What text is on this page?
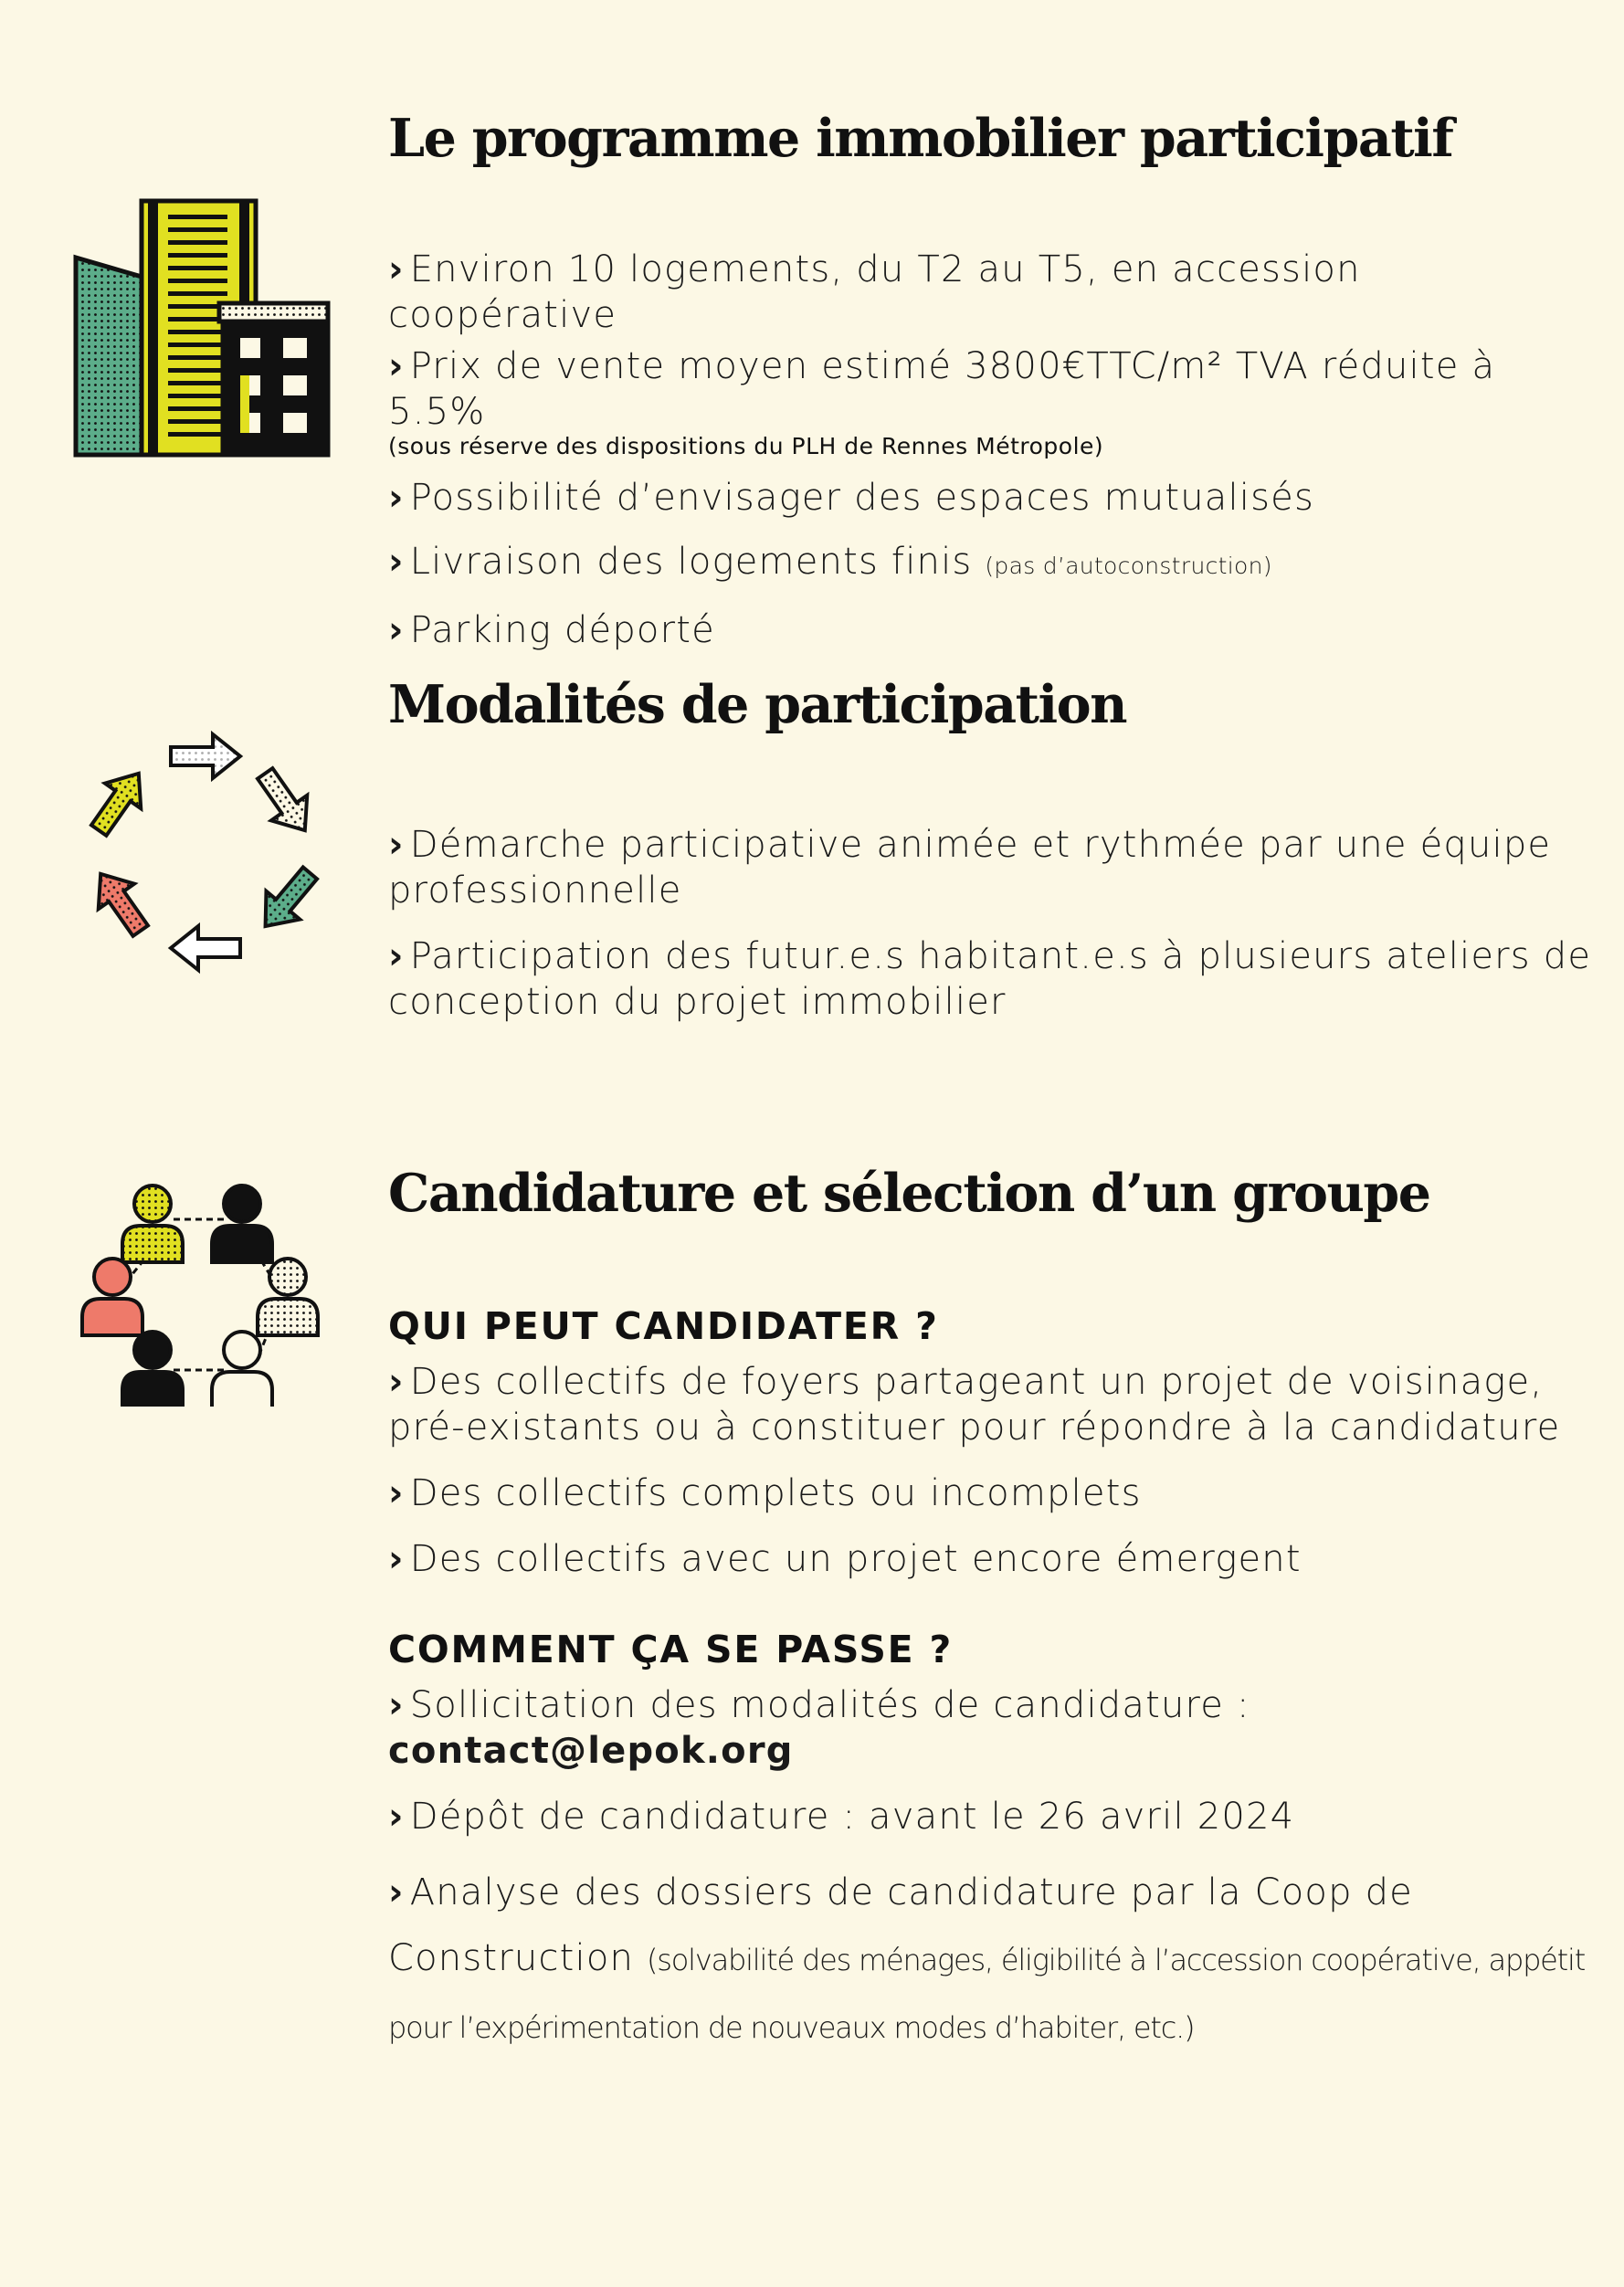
Le programme immobilier participatif

› Environ 10 logements, du T2 au T5, en accession coopérative

› Prix de vente moyen estimé 3800€TTC/m² TVA réduite à 5.5%

(sous réserve des dispositions du PLH de Rennes Métropole)

› Possibilité d’envisager des espaces mutualisés

› Livraison des logements finis (pas d’autoconstruction)

› Parking déporté

Modalités de participation

› Démarche participative animée et rythmée par une équipe professionnelle

› Participation des futur.e.s habitant.e.s à plusieurs ateliers de conception du projet immobilier

Candidature et sélection d’un groupe

QUI PEUT CANDIDATER ?

› Des collectifs de foyers partageant un projet de voisinage, pré-existants ou à constituer pour répondre à la candidature

› Des collectifs complets ou incomplets

› Des collectifs avec un projet encore émergent

COMMENT ÇA SE PASSE ?

› Sollicitation des modalités de candidature :
contact@lepok.org

› Dépôt de candidature : avant le 26 avril 2024

› Analyse des dossiers de candidature par la Coop de Construction (solvabilité des ménages, éligibilité à l’accession coopérative, appétit pour l’expérimentation de nouveaux modes d’habiter, etc.)
